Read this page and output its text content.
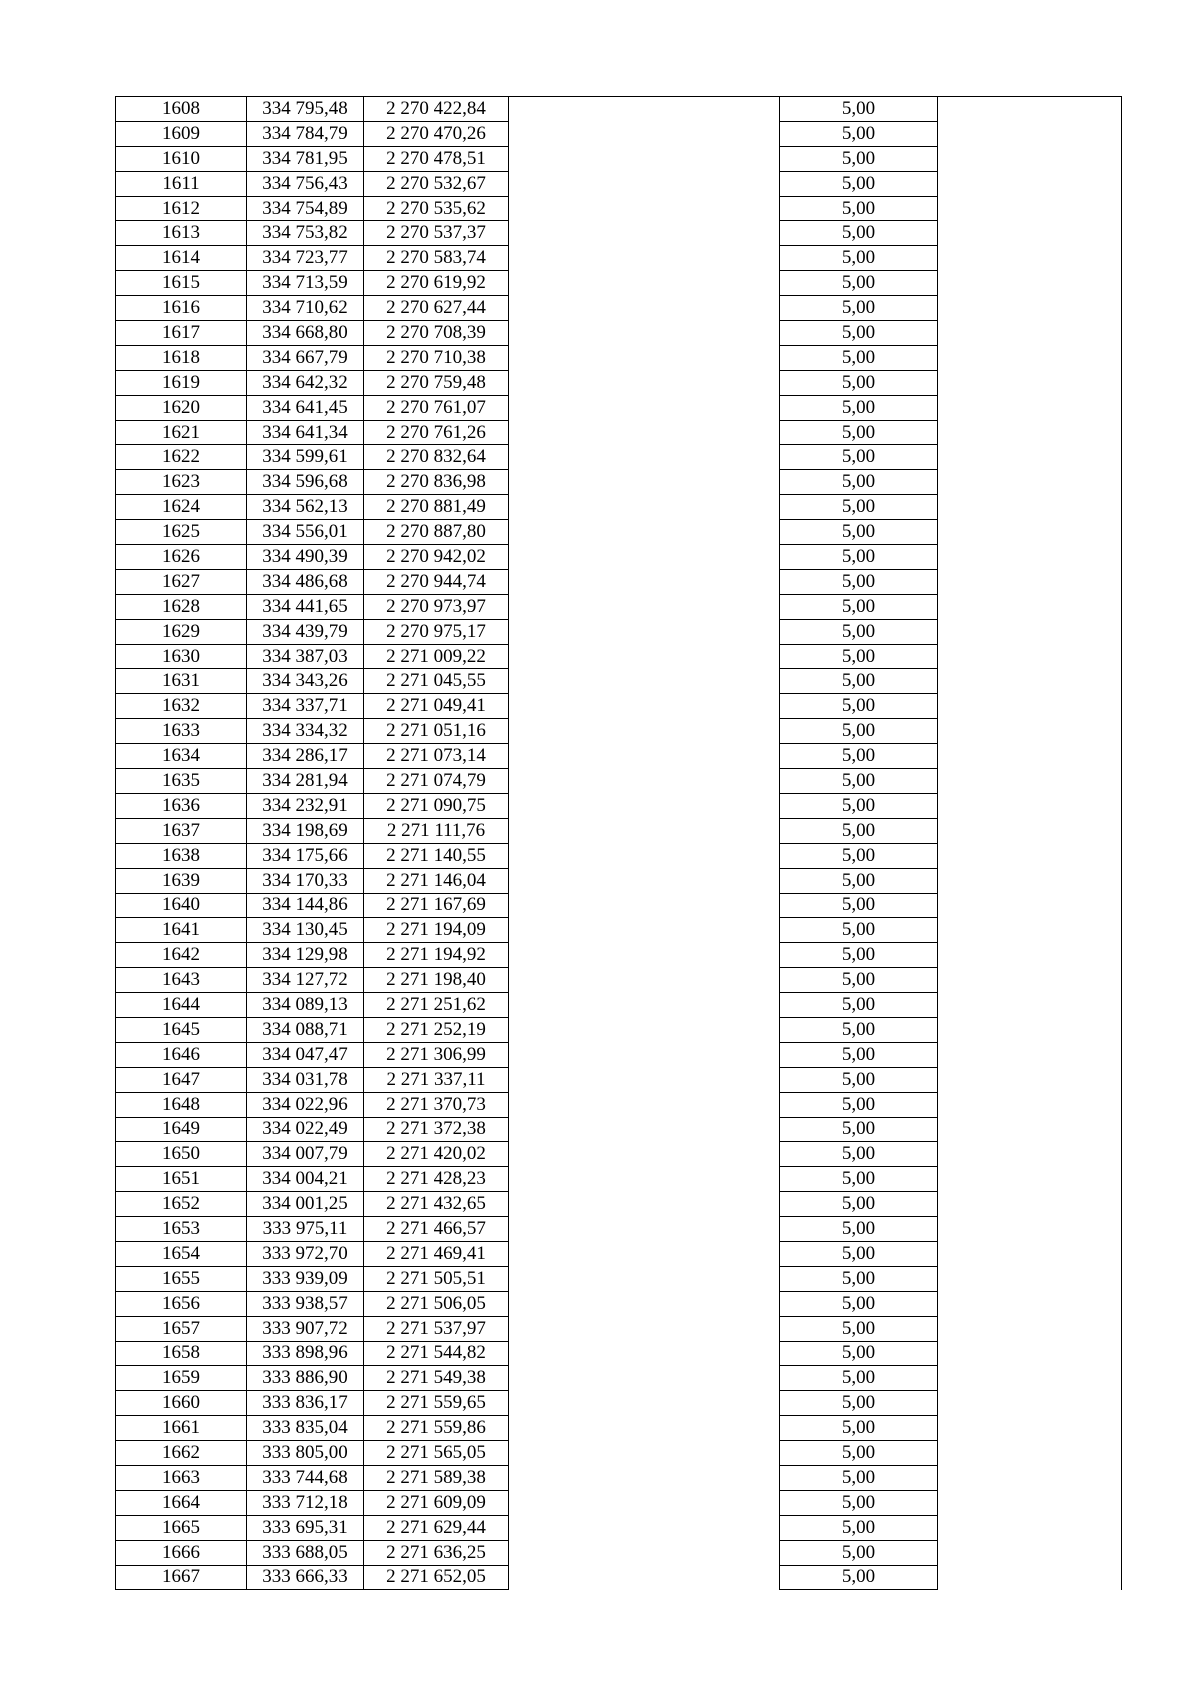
1608	334 795,48	2 270 422,84		5,00	
1609	334 784,79	2 270 470,26		5,00	
1610	334 781,95	2 270 478,51		5,00	
1611	334 756,43	2 270 532,67		5,00	
1612	334 754,89	2 270 535,62		5,00	
1613	334 753,82	2 270 537,37		5,00	
1614	334 723,77	2 270 583,74		5,00	
1615	334 713,59	2 270 619,92		5,00	
1616	334 710,62	2 270 627,44		5,00	
1617	334 668,80	2 270 708,39		5,00	
1618	334 667,79	2 270 710,38		5,00	
1619	334 642,32	2 270 759,48		5,00	
1620	334 641,45	2 270 761,07		5,00	
1621	334 641,34	2 270 761,26		5,00	
1622	334 599,61	2 270 832,64		5,00	
1623	334 596,68	2 270 836,98		5,00	
1624	334 562,13	2 270 881,49		5,00	
1625	334 556,01	2 270 887,80		5,00	
1626	334 490,39	2 270 942,02		5,00	
1627	334 486,68	2 270 944,74		5,00	
1628	334 441,65	2 270 973,97		5,00	
1629	334 439,79	2 270 975,17		5,00	
1630	334 387,03	2 271 009,22		5,00	
1631	334 343,26	2 271 045,55		5,00	
1632	334 337,71	2 271 049,41		5,00	
1633	334 334,32	2 271 051,16		5,00	
1634	334 286,17	2 271 073,14		5,00	
1635	334 281,94	2 271 074,79		5,00	
1636	334 232,91	2 271 090,75		5,00	
1637	334 198,69	2 271 111,76		5,00	
1638	334 175,66	2 271 140,55		5,00	
1639	334 170,33	2 271 146,04		5,00	
1640	334 144,86	2 271 167,69		5,00	
1641	334 130,45	2 271 194,09		5,00	
1642	334 129,98	2 271 194,92		5,00	
1643	334 127,72	2 271 198,40		5,00	
1644	334 089,13	2 271 251,62		5,00	
1645	334 088,71	2 271 252,19		5,00	
1646	334 047,47	2 271 306,99		5,00	
1647	334 031,78	2 271 337,11		5,00	
1648	334 022,96	2 271 370,73		5,00	
1649	334 022,49	2 271 372,38		5,00	
1650	334 007,79	2 271 420,02		5,00	
1651	334 004,21	2 271 428,23		5,00	
1652	334 001,25	2 271 432,65		5,00	
1653	333 975,11	2 271 466,57		5,00	
1654	333 972,70	2 271 469,41		5,00	
1655	333 939,09	2 271 505,51		5,00	
1656	333 938,57	2 271 506,05		5,00	
1657	333 907,72	2 271 537,97		5,00	
1658	333 898,96	2 271 544,82		5,00	
1659	333 886,90	2 271 549,38		5,00	
1660	333 836,17	2 271 559,65		5,00	
1661	333 835,04	2 271 559,86		5,00	
1662	333 805,00	2 271 565,05		5,00	
1663	333 744,68	2 271 589,38		5,00	
1664	333 712,18	2 271 609,09		5,00	
1665	333 695,31	2 271 629,44		5,00	
1666	333 688,05	2 271 636,25		5,00	
1667	333 666,33	2 271 652,05		5,00	
